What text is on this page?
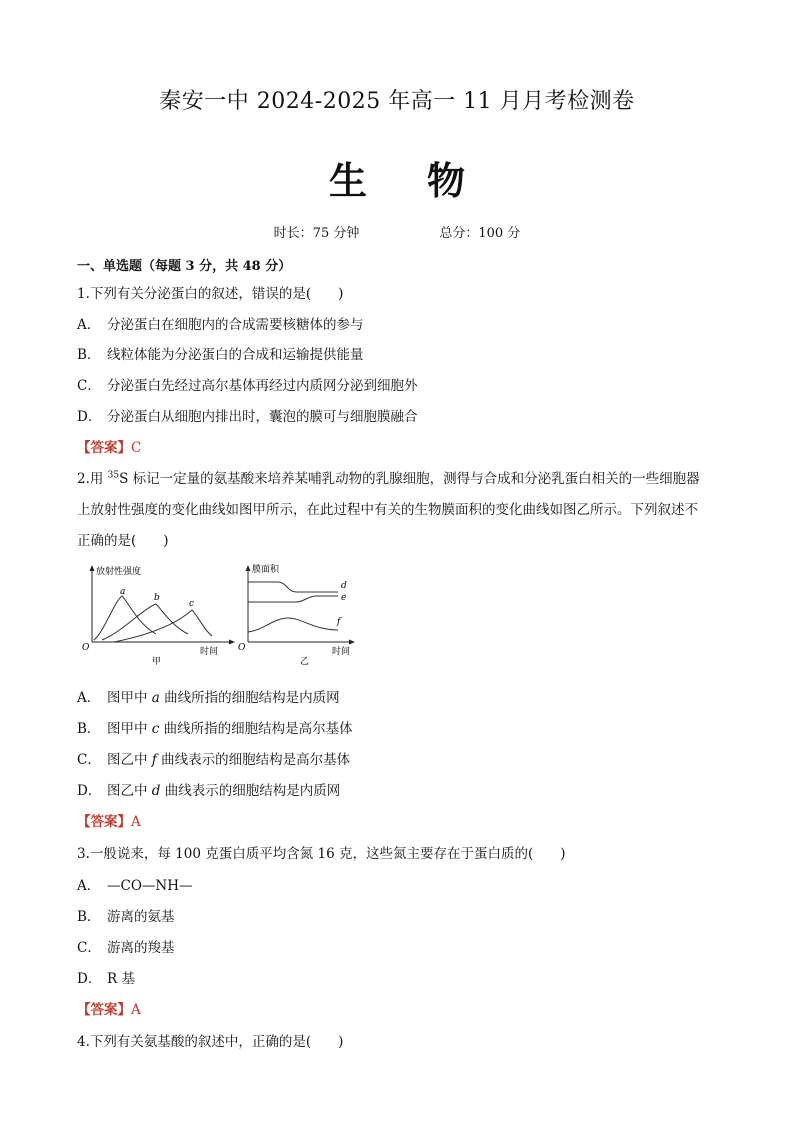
秦安一中 2024-2025 年高一 11 月月考检测卷
生 物
时长：75 分钟	总分：100 分
一、单选题（每题 3 分，共 48 分）
1.下列有关分泌蛋白的叙述，错误的是(　　)
A． 分泌蛋白在细胞内的合成需要核糖体的参与
B． 线粒体能为分泌蛋白的合成和运输提供能量
C． 分泌蛋白先经过高尔基体再经过内质网分泌到细胞外
D． 分泌蛋白从细胞内排出时，囊泡的膜可与细胞膜融合
【答案】C
2.用 $^{35}$S 标记一定量的氨基酸来培养某哺乳动物的乳腺细胞，测得与合成和分泌乳蛋白相关的一些细胞器
上放射性强度的变化曲线如图甲所示，在此过程中有关的生物膜面积的变化曲线如图乙所示。下列叙述不
正确的是(　　)
放射性强度
O	时间
甲
a
b
c
膜面积
O	时间
乙
d
e
f
A． 图甲中 a 曲线所指的细胞结构是内质网
B． 图甲中 c 曲线所指的细胞结构是高尔基体
C． 图乙中 f 曲线表示的细胞结构是高尔基体
D． 图乙中 d 曲线表示的细胞结构是内质网
【答案】A
3.一般说来，每 100 克蛋白质平均含氮 16 克，这些氮主要存在于蛋白质的(　　)
A． —CO—NH—
B． 游离的氨基
C． 游离的羧基
D． R 基
【答案】A
4.下列有关氨基酸的叙述中，正确的是(　　)
